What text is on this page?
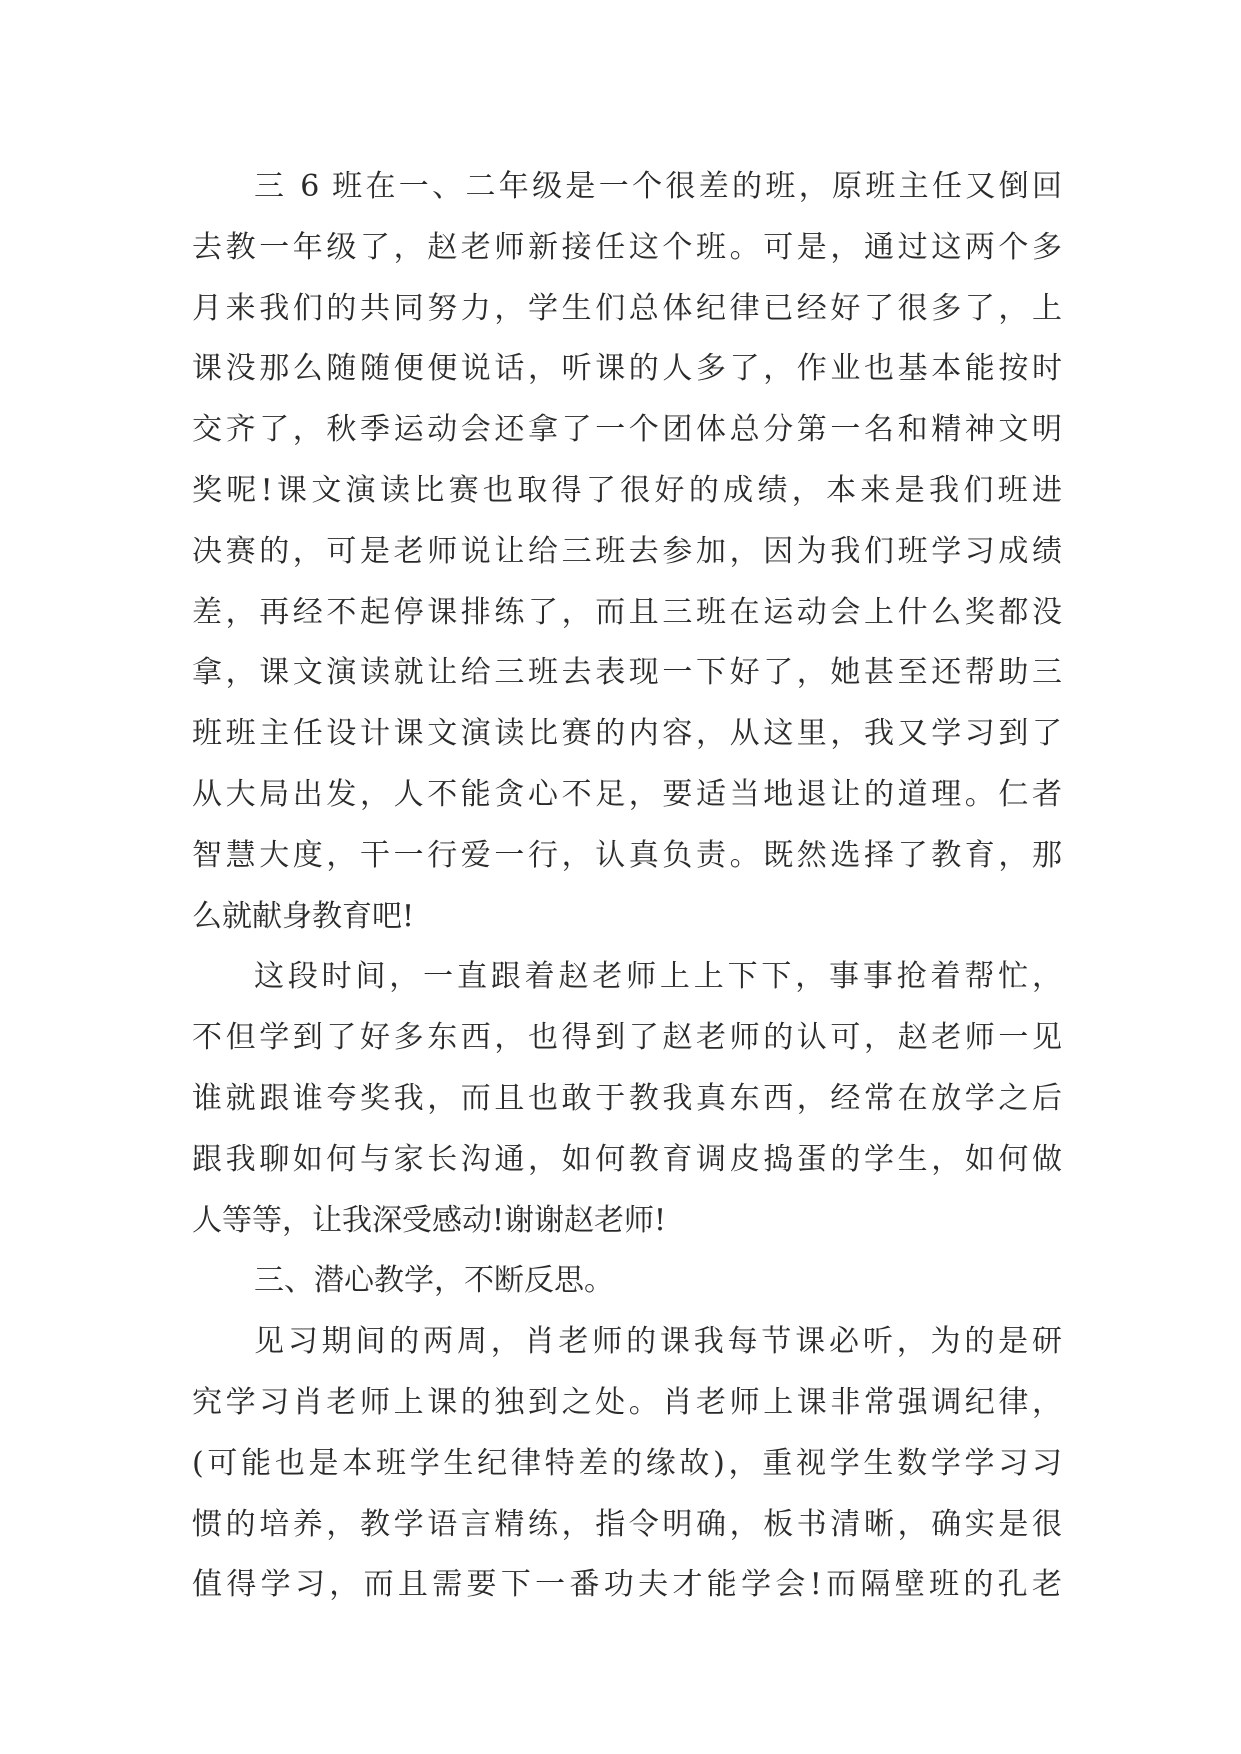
三 6 班在一、二年级是一个很差的班，原班主任又倒回
去教一年级了，赵老师新接任这个班。可是，通过这两个多
月来我们的共同努力，学生们总体纪律已经好了很多了，上
课没那么随随便便说话，听课的人多了，作业也基本能按时
交齐了，秋季运动会还拿了一个团体总分第一名和精神文明
奖呢!课文演读比赛也取得了很好的成绩，本来是我们班进
决赛的，可是老师说让给三班去参加，因为我们班学习成绩
差，再经不起停课排练了，而且三班在运动会上什么奖都没
拿，课文演读就让给三班去表现一下好了，她甚至还帮助三
班班主任设计课文演读比赛的内容，从这里，我又学习到了
从大局出发，人不能贪心不足，要适当地退让的道理。仁者
智慧大度，干一行爱一行，认真负责。既然选择了教育，那
么就献身教育吧!
这段时间，一直跟着赵老师上上下下，事事抢着帮忙，
不但学到了好多东西，也得到了赵老师的认可，赵老师一见
谁就跟谁夸奖我，而且也敢于教我真东西，经常在放学之后
跟我聊如何与家长沟通，如何教育调皮捣蛋的学生，如何做
人等等，让我深受感动!谢谢赵老师!
三、潜心教学，不断反思。
见习期间的两周，肖老师的课我每节课必听，为的是研
究学习肖老师上课的独到之处。肖老师上课非常强调纪律，
(可能也是本班学生纪律特差的缘故)，重视学生数学学习习
惯的培养，教学语言精练，指令明确，板书清晰，确实是很
值得学习，而且需要下一番功夫才能学会!而隔壁班的孔老
